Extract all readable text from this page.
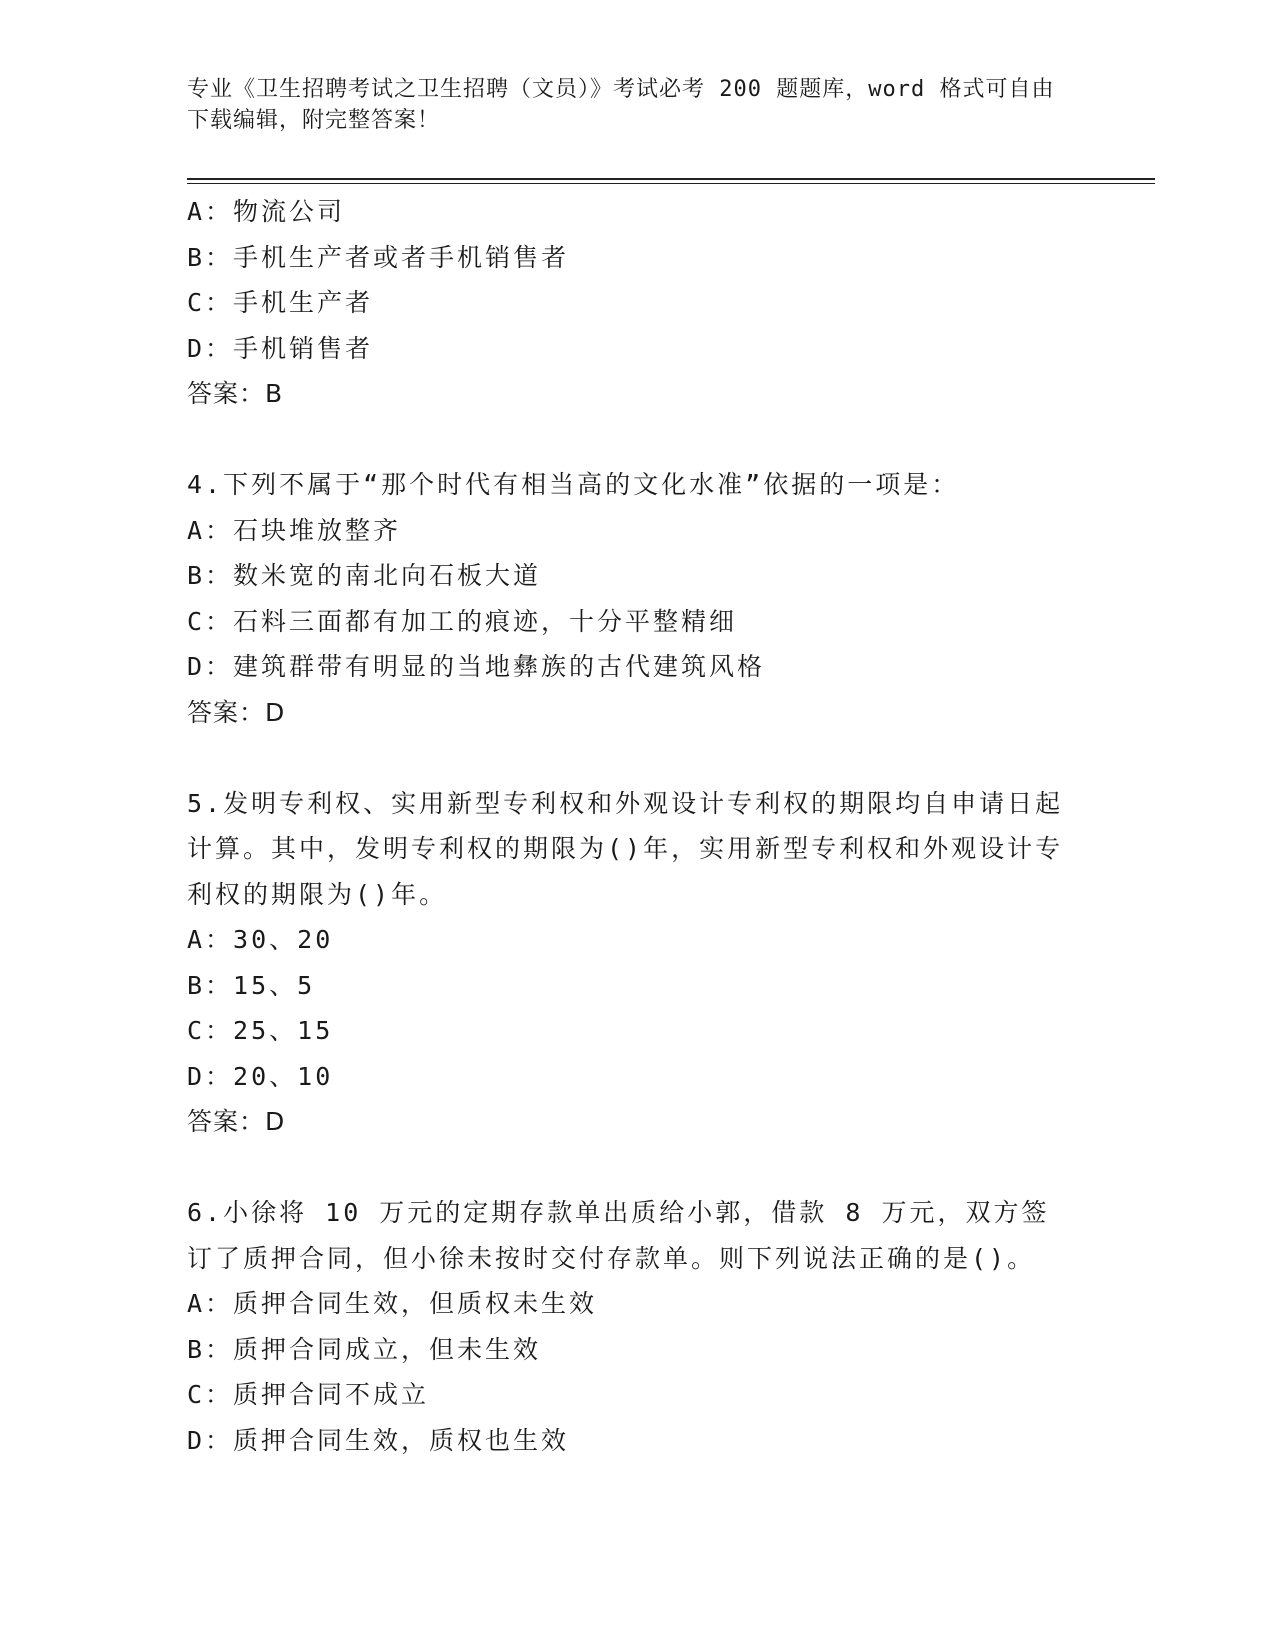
专业《卫生招聘考试之卫生招聘（文员）》考试必考 200 题题库，word 格式可自由下载编辑，附完整答案！
A：物流公司
B：手机生产者或者手机销售者
C：手机生产者
D：手机销售者
答案：B
4.下列不属于“那个时代有相当高的文化水准”依据的一项是：
A：石块堆放整齐
B：数米宽的南北向石板大道
C：石料三面都有加工的痕迹，十分平整精细
D：建筑群带有明显的当地彝族的古代建筑风格
答案：D
5.发明专利权、实用新型专利权和外观设计专利权的期限均自申请日起计算。其中，发明专利权的期限为()年，实用新型专利权和外观设计专利权的期限为()年。
A：30、20
B：15、5
C：25、15
D：20、10
答案：D
6.小徐将 10 万元的定期存款单出质给小郭，借款 8 万元，双方签订了质押合同，但小徐未按时交付存款单。则下列说法正确的是()。
A：质押合同生效，但质权未生效
B：质押合同成立，但未生效
C：质押合同不成立
D：质押合同生效，质权也生效
